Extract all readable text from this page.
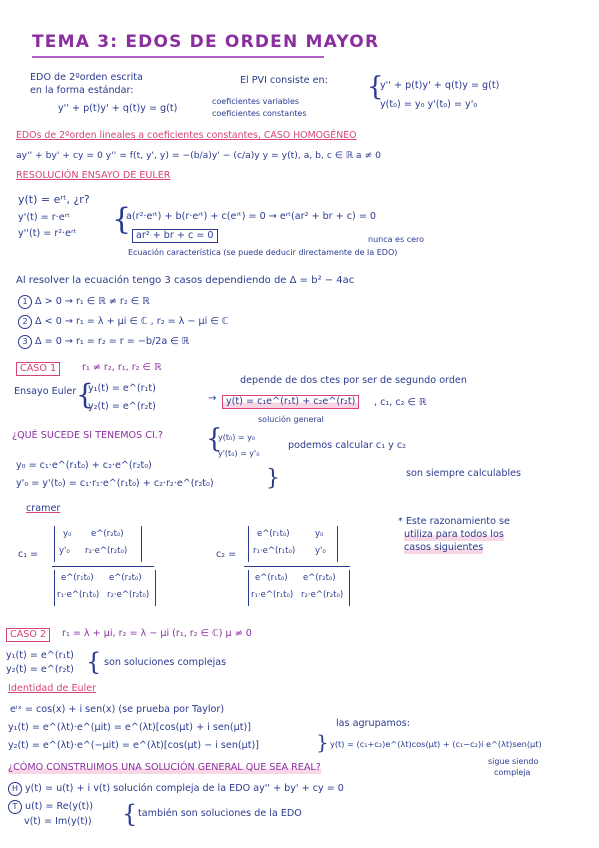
TEMA 3: EDOS DE ORDEN MAYOR
EDO de 2ºorden escrita
en la forma estándar:
y'' + p(t)y' + q(t)y = g(t)
coeficientes variables
coeficientes constantes
El PVI consiste en: {
y'' + p(t)y' + q(t)y = g(t)
y(t₀) = y₀ y'(t₀) = y'₀
EDOs de 2ºorden lineales a coeficientes constantes, CASO HOMOGÉNEO
ay'' + by' + cy = 0 y'' = f(t, y', y) = −(b/a)y' − (c/a)y y = y(t), a, b, c ∈ ℝ a ≠ 0
RESOLUCIÓN ENSAYO DE EULER
y(t) = eʳᵗ, ¿r?
y'(t) = r·eʳᵗ
y''(t) = r²·eʳᵗ {
a(r²·eʳᵗ) + b(r·eʳᵗ) + c(eʳᵗ) = 0 → eʳᵗ(ar² + br + c) = 0
ar² + br + c = 0	nunca es cero
Ecuación característica (se puede deducir directamente de la EDO)
Al resolver la ecuación tengo 3 casos dependiendo de Δ = b² − 4ac
1 Δ > 0 → r₁ ∈ ℝ ≠ r₂ ∈ ℝ
2 Δ < 0 → r₁ = λ + μi ∈ ℂ , r₂ = λ − μi ∈ ℂ
3 Δ = 0 → r₁ = r₂ = r = −b/2a ∈ ℝ
CASO 1	r₁ ≠ r₂, r₁, r₂ ∈ ℝ
depende de dos ctes por ser de segundo orden
Ensayo Euler {
y₁(t) = e^(r₁t)
y₂(t) = e^(r₂t)
→	y(t) = c₁e^(r₁t) + c₂e^(r₂t)	, c₁, c₂ ∈ ℝ
solución general
¿QUÉ SUCEDE SI TENEMOS CI.? {
y(t₀) = y₀
y'(t₀) = y'₀
podemos calcular c₁ y c₂
y₀ = c₁·e^(r₁t₀) + c₂·e^(r₂t₀)
y'₀ = y'(t₀) = c₁·r₁·e^(r₁t₀) + c₂·r₂·e^(r₂t₀) }	son siempre calculables
cramer
c₁ =
y₀ e^(r₂t₀)
y'₀ r₂·e^(r₂t₀)
e^(r₁t₀) e^(r₂t₀)
r₁·e^(r₁t₀) r₂·e^(r₂t₀)
c₂ =
e^(r₁t₀)	y₀
r₁·e^(r₁t₀) y'₀
e^(r₁t₀) e^(r₂t₀)
r₁·e^(r₁t₀) r₂·e^(r₂t₀)
* Este razonamiento se
utiliza para todos los
casos siguientes
CASO 2	r₁ = λ + μi, r₂ = λ − μi (r₁, r₂ ∈ ℂ) μ ≠ 0
y₁(t) = e^(r₁t)
y₂(t) = e^(r₂t) { son soluciones complejas
Identidad de Euler
eⁱˣ = cos(x) + i sen(x) (se prueba por Taylor)
las agrupamos:
y₁(t) = e^(λt)·e^(μit) = e^(λt)[cos(μt) + i sen(μt)]
y₂(t) = e^(λt)·e^(−μit) = e^(λt)[cos(μt) − i sen(μt)]	} y(t) = (c₁+c₂)e^(λt)cos(μt) + (c₁−c₂)i e^(λt)sen(μt)
sigue siendo
compleja
¿CÓMO CONSTRUIMOS UNA SOLUCIÓN GENERAL QUE SEA REAL?
H y(t) = u(t) + i v(t) solución compleja de la EDO ay'' + by' + cy = 0
T u(t) = Re(y(t))
v(t) = Im(y(t)) { también son soluciones de la EDO
